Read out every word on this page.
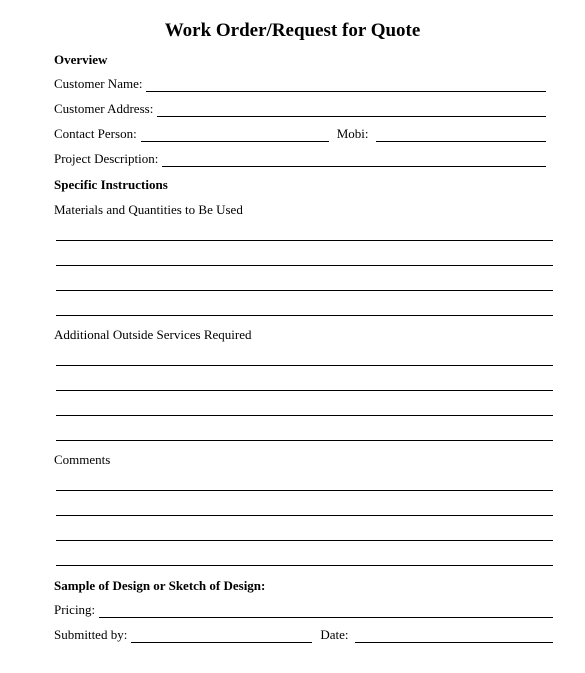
Work Order/Request for Quote
Overview
Customer Name:
Customer Address:
Contact Person:	Mobi:
Project Description:
Specific Instructions
Materials and Quantities to Be Used
Additional Outside Services Required
Comments
Sample of Design or Sketch of Design:
Pricing:
Submitted by:	Date:
